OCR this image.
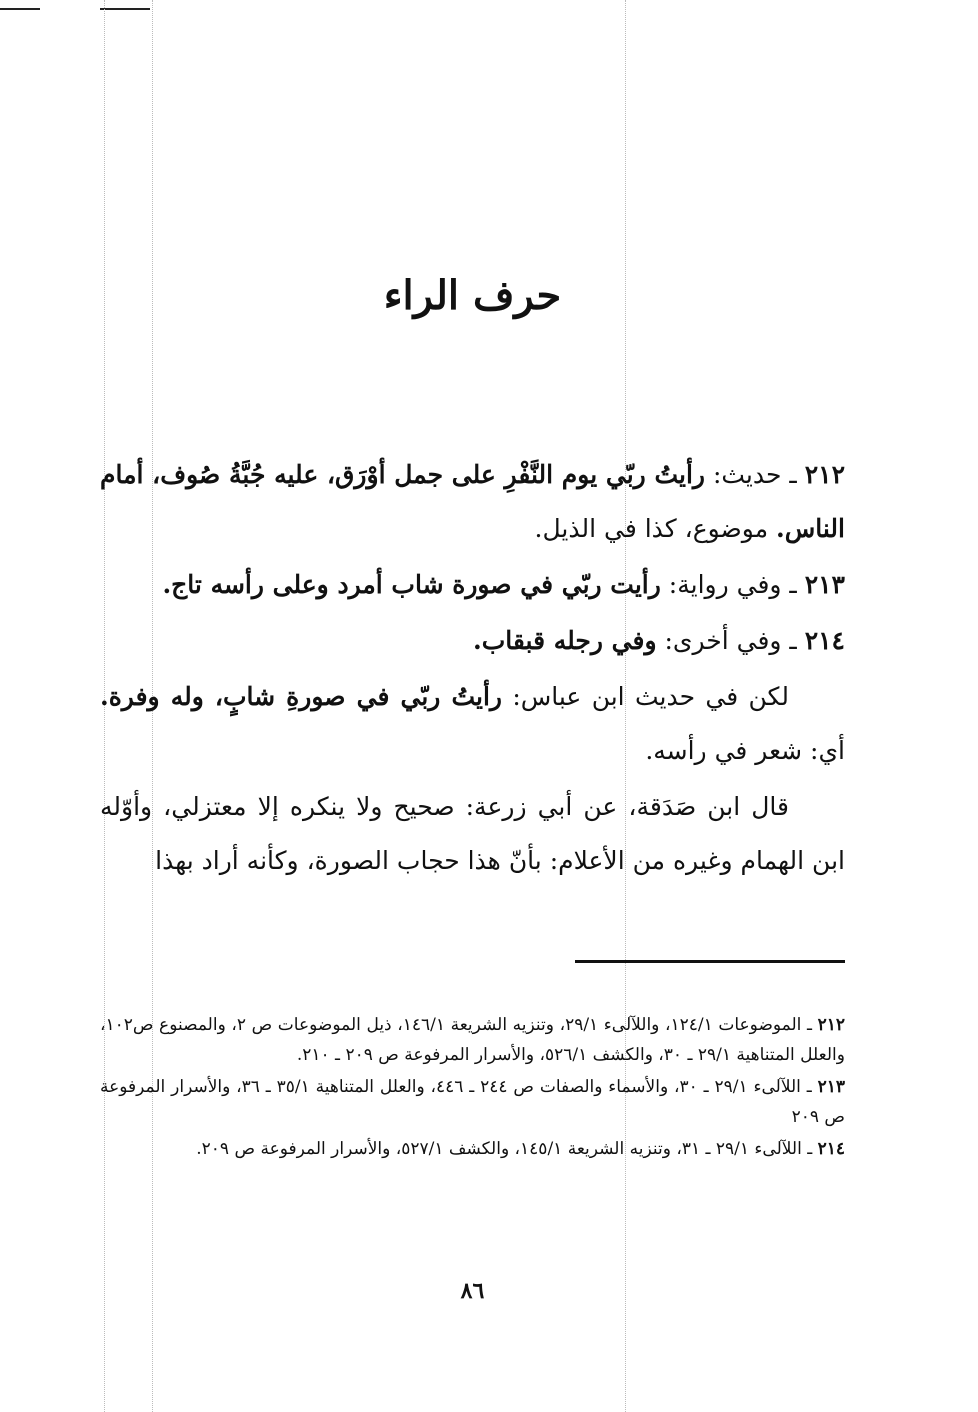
حرف الراء

٢١٢ ـ حديث: رأيتُ ربّي يوم النَّفْرِ على جمل أوْرَق، عليه جُبَّةُ صُوف، أمام الناس. موضوع، كذا في الذيل.

٢١٣ ـ وفي رواية: رأيت ربّي في صورة شاب أمرد وعلى رأسه تاج.

٢١٤ ـ وفي أخرى: وفي رجله قبقاب.

لكن في حديث ابن عباس: رأيتُ ربّي في صورةِ شابٍ، وله وفرة. أي: شعر في رأسه.

قال ابن صَدَقة، عن أبي زرعة: صحيح ولا ينكره إلا معتزلي، وأوّله ابن الهمام وغيره من الأعلام: بأنّ هذا حجاب الصورة، وكأنه أراد بهذا

٢١٢ ـ الموضوعات ١٢٤/١، واللآلىء ٢٩/١، وتنزيه الشريعة ١٤٦/١، ذيل الموضوعات ص ٢، والمصنوع ص١٠٢، والعلل المتناهية ٢٩/١ ـ ٣٠، والكشف ٥٢٦/١، والأسرار المرفوعة ص ٢٠٩ ـ ٢١٠.

٢١٣ ـ اللآلىء ٢٩/١ ـ ٣٠، والأسماء والصفات ص ٢٤٤ ـ ٤٤٦، والعلل المتناهية ٣٥/١ ـ ٣٦، والأسرار المرفوعة ص ٢٠٩

٢١٤ ـ اللآلىء ٢٩/١ ـ ٣١، وتنزيه الشريعة ١٤٥/١، والكشف ٥٢٧/١، والأسرار المرفوعة ص ٢٠٩.

٨٦
